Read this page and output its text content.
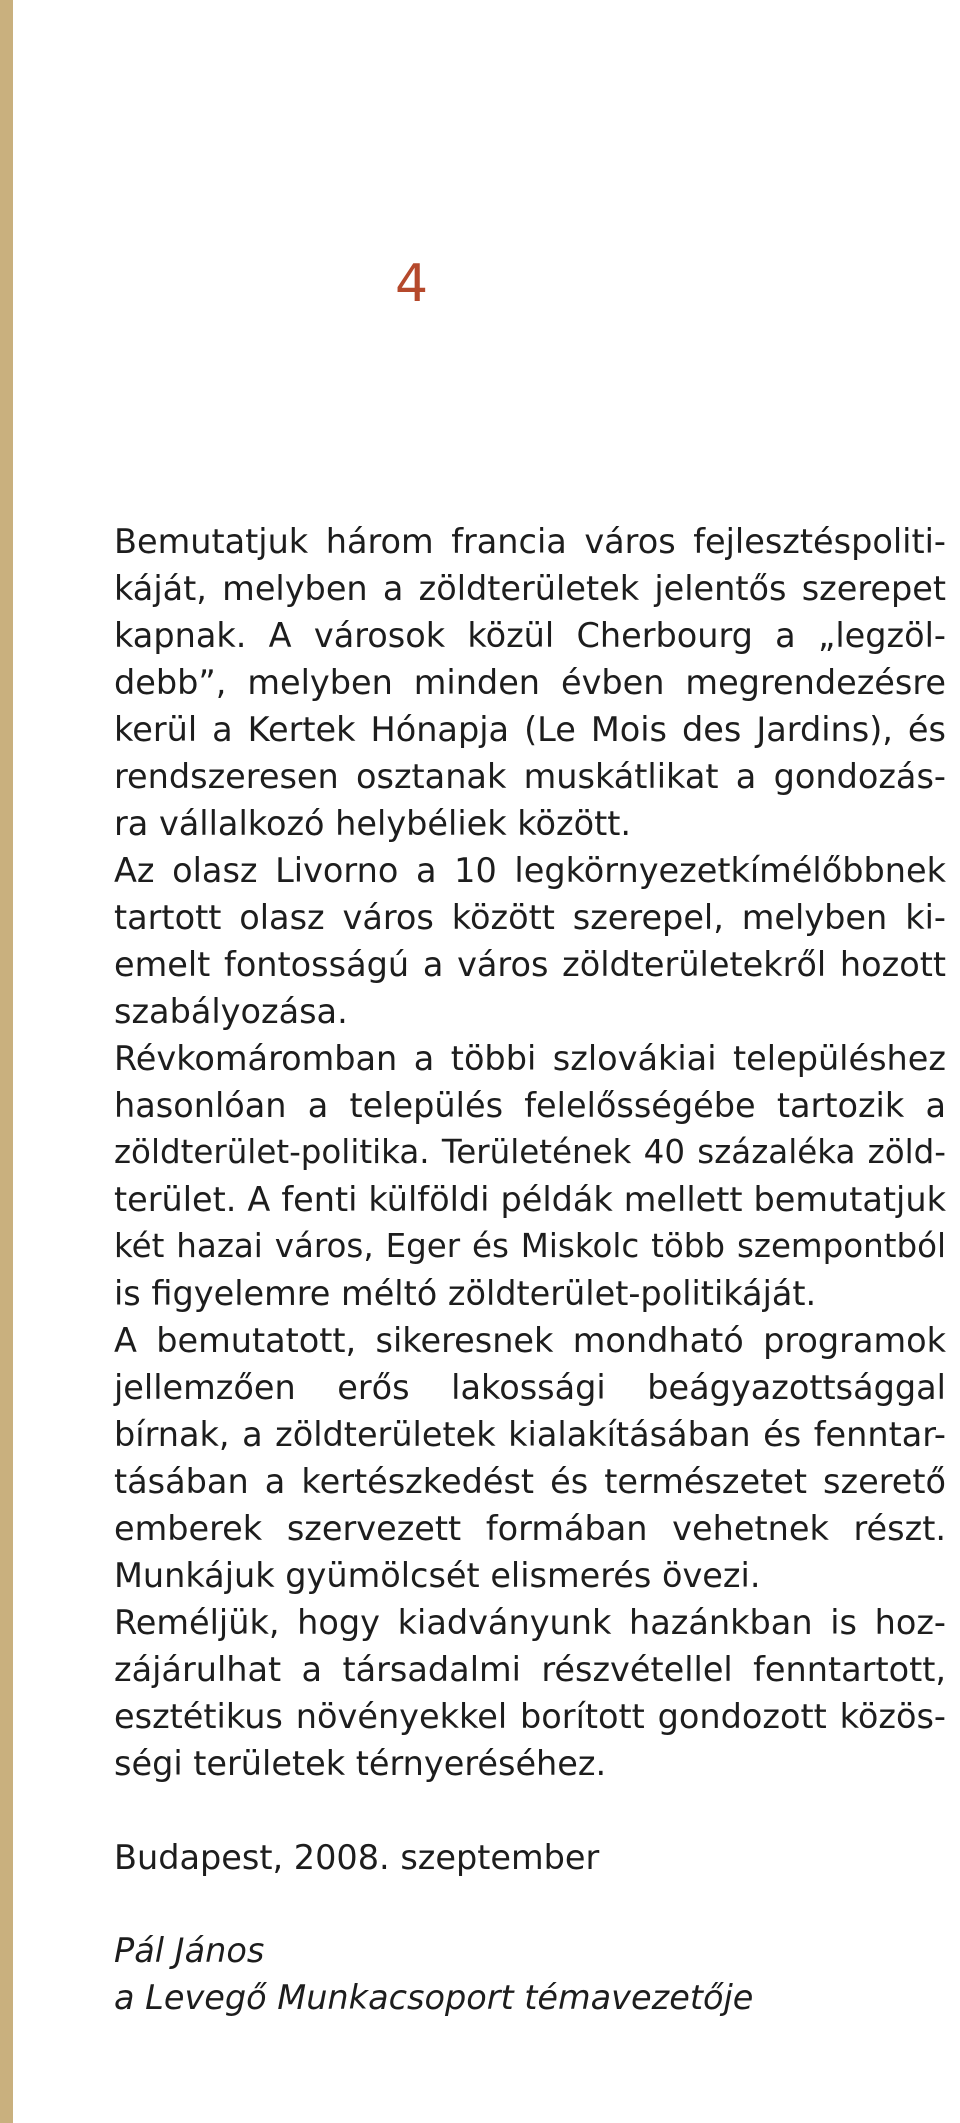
4
Bemutatjuk három francia város fejlesztéspoliti-
káját, melyben a zöldterületek jelentős szerepet
kapnak. A városok közül Cherbourg a „legzöl-
debb”, melyben minden évben megrendezésre
kerül a Kertek Hónapja (Le Mois des Jardins), és
rendszeresen osztanak muskátlikat a gondozás-
ra vállalkozó helybéliek között.
Az olasz Livorno a 10 legkörnyezetkímélőbbnek
tartott olasz város között szerepel, melyben ki-
emelt fontosságú a város zöldterületekről hozott
szabályozása.
Révkomáromban a többi szlovákiai településhez
hasonlóan a település felelősségébe tartozik a
zöldterület-politika. Területének 40 százaléka zöld-
terület. A fenti külföldi példák mellett bemutatjuk
két hazai város, Eger és Miskolc több szempontból
is figyelemre méltó zöldterület-politikáját.
A bemutatott, sikeresnek mondható programok
jellemzően erős lakossági beágyazottsággal
bírnak, a zöldterületek kialakításában és fenntar-
tásában a kertészkedést és természetet szerető
emberek szervezett formában vehetnek részt.
Munkájuk gyümölcsét elismerés övezi.
Reméljük, hogy kiadványunk hazánkban is hoz-
zájárulhat a társadalmi részvétellel fenntartott,
esztétikus növényekkel borított gondozott közös-
ségi területek térnyeréséhez.
Budapest, 2008. szeptember
Pál János
a Levegő Munkacsoport témavezetője
